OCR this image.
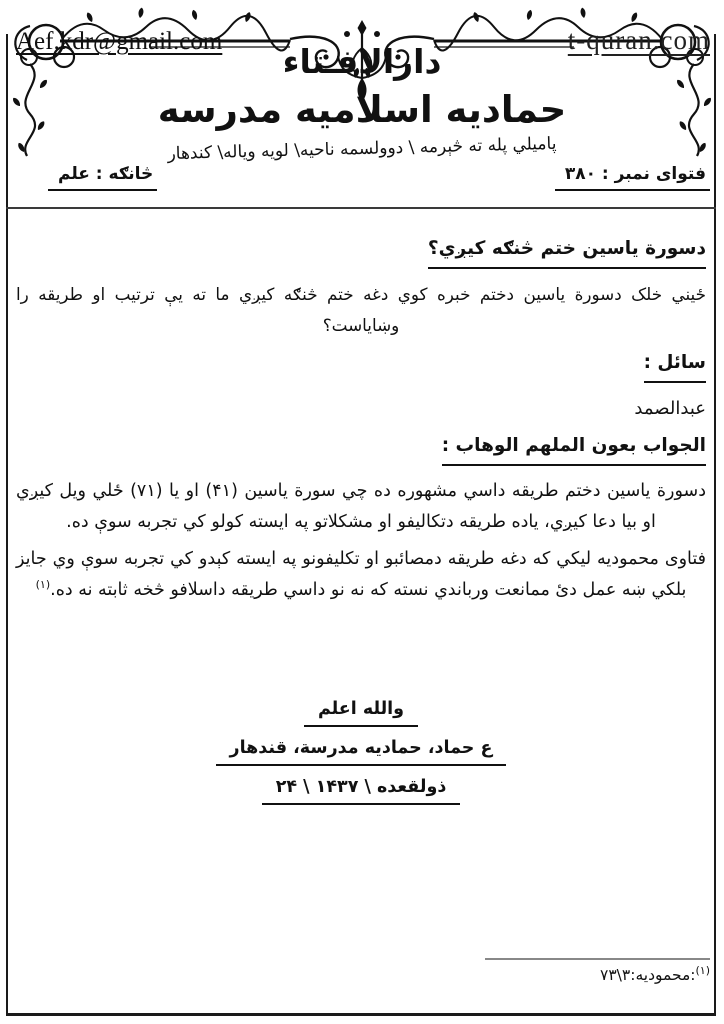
Aef.kdr@gmail.com	t-quran.com
دارالافـتاء
حمادیه اسلامیه مدرسه
پامیلي پله ته څېرمه \ دوولسمه ناحیه\ لویه ویاله\ کندهار
فتوای نمبر : ۳۸۰
څانګه : علم

دسورة یاسین ختم څنګه کیږي؟

ځیني خلک دسورة یاسین دختم خبره کوي دغه ختم څنګه کیږي ما ته یې ترتیب او طریقه را وښایاست؟

سائل :

عبدالصمد

الجواب بعون الملهم الوهاب :

دسورة یاسین دختم طریقه داسي مشهوره ده چي سورة یاسین (۴۱) او یا (۷۱) ځلي ویل کیږي او بیا دعا کیږي، یاده طریقه دتکالیفو او مشکلاتو په ایسته کولو کي تجربه سوې ده.

فتاوی محمودیه لیکي که دغه طریقه دمصائبو او تکلیفونو په ایسته کېدو کي تجربه سوې وي جایز بلکي ښه عمل دئ ممانعت ورباندي نسته که نه نو داسي طریقه داسلافو څخه ثابته نه ده.$^{(۱)}$

والله اعلم
ع حماد، حمادیه مدرسة، قندهار
۲۴ \ ذولقعده \ ۱۴۳۷
$^{(۱)}$:محمودیه:۳\۷۳
